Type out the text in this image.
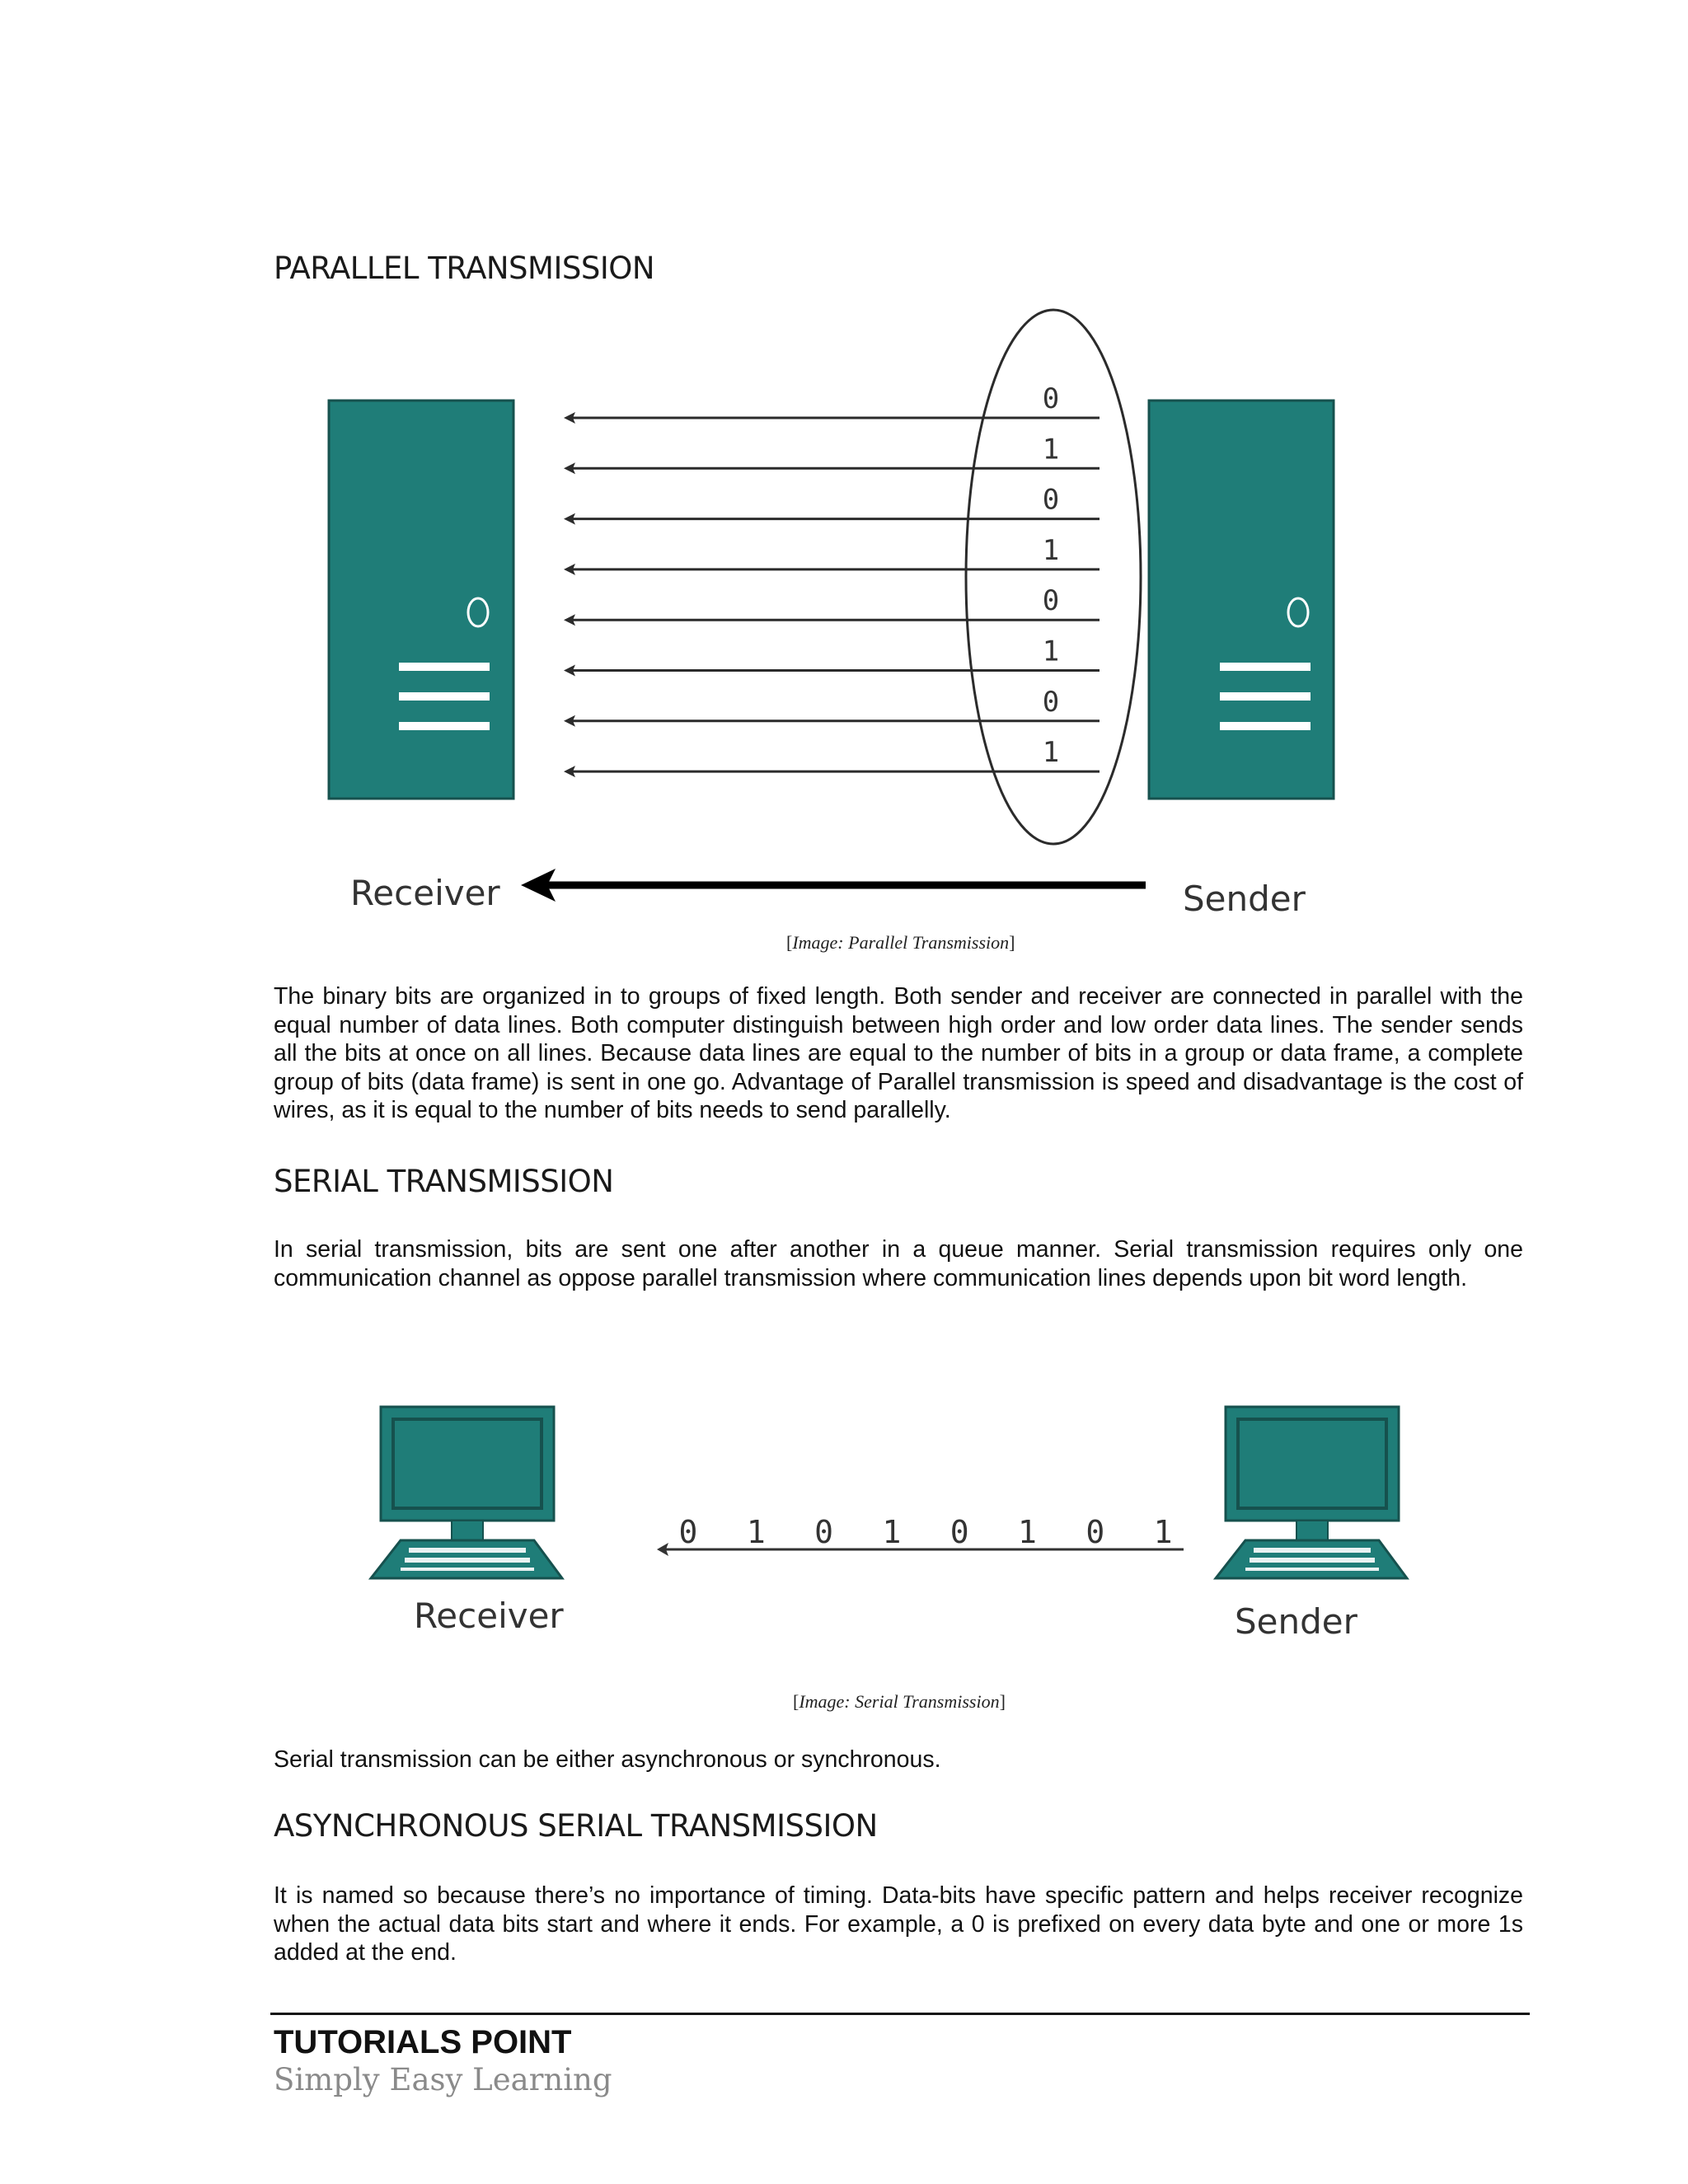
PARALLEL TRANSMISSION
0
1
0
1
0
1
0
1
Receiver	Sender
[Image: Parallel Transmission]
The binary bits are organized in to groups of fixed length. Both sender and receiver are connected in parallel with the equal number of data lines. Both computer distinguish between high order and low order data lines. The sender sends all the bits at once on all lines. Because data lines are equal to the number of bits in a group or data frame, a complete group of bits (data frame) is sent in one go. Advantage of Parallel transmission is speed and disadvantage is the cost of wires, as it is equal to the number of bits needs to send parallelly.
SERIAL TRANSMISSION
In serial transmission, bits are sent one after another in a queue manner. Serial transmission requires only one communication channel as oppose parallel transmission where communication lines depends upon bit word length.
0 1 0 1 0 1 0 1
Receiver	Sender
[Image: Serial Transmission]
Serial transmission can be either asynchronous or synchronous.
ASYNCHRONOUS SERIAL TRANSMISSION
It is named so because there’s no importance of timing. Data-bits have specific pattern and helps receiver recognize when the actual data bits start and where it ends. For example, a 0 is prefixed on every data byte and one or more 1s added at the end.
TUTORIALS POINT
Simply Easy Learning
